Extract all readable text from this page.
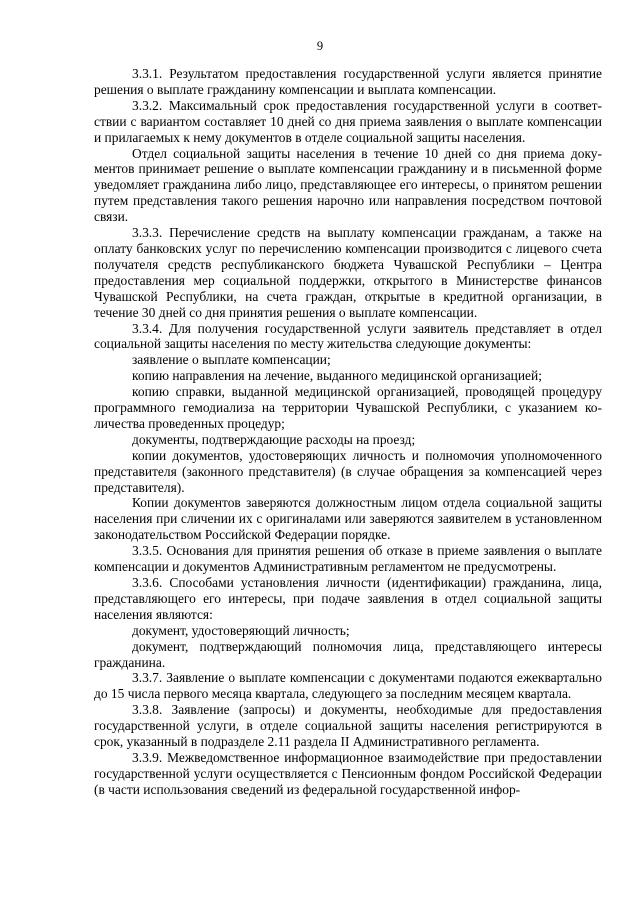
9

3.3.1. Результатом предоставления государственной услуги является принятие решения о выплате гражданину компенсации и выплата компенсации.

3.3.2. Максимальный срок предоставления государственной услуги в соответствии с вариантом составляет 10 дней со дня приема заявления о выплате компенсации и прилагаемых к нему документов в отделе социальной защиты населения.

Отдел социальной защиты населения в течение 10 дней со дня приема документов принимает решение о выплате компенсации гражданину и в письменной форме уведомляет гражданина либо лицо, представляющее его интересы, о принятом решении путем представления такого решения нарочно или направления посредством почтовой связи.

3.3.3. Перечисление средств на выплату компенсации гражданам, а также на оплату банковских услуг по перечислению компенсации производится с лицевого счета получателя средств республиканского бюджета Чувашской Республики – Центра предоставления мер социальной поддержки, открытого в Министерстве финансов Чувашской Республики, на счета граждан, открытые в кредитной организации, в течение 30 дней со дня принятия решения о выплате компенсации.

3.3.4. Для получения государственной услуги заявитель представляет в отдел социальной защиты населения по месту жительства следующие документы:

заявление о выплате компенсации;

копию направления на лечение, выданного медицинской организацией;

копию справки, выданной медицинской организацией, проводящей процедуру программного гемодиализа на территории Чувашской Республики, с указанием количества проведенных процедур;

документы, подтверждающие расходы на проезд;

копии документов, удостоверяющих личность и полномочия уполномоченного представителя (законного представителя) (в случае обращения за компенсацией через представителя).

Копии документов заверяются должностным лицом отдела социальной защиты населения при сличении их с оригиналами или заверяются заявителем в установленном законодательством Российской Федерации порядке.

3.3.5. Основания для принятия решения об отказе в приеме заявления о выплате компенсации и документов Административным регламентом не предусмотрены.

3.3.6. Способами установления личности (идентификации) гражданина, лица, представляющего его интересы, при подаче заявления в отдел социальной защиты населения являются:

документ, удостоверяющий личность;

документ, подтверждающий полномочия лица, представляющего интересы гражданина.

3.3.7. Заявление о выплате компенсации с документами подаются ежеквартально до 15 числа первого месяца квартала, следующего за последним месяцем квартала.

3.3.8. Заявление (запросы) и документы, необходимые для предоставления государственной услуги, в отделе социальной защиты населения регистрируются в срок, указанный в подразделе 2.11 раздела II Административного регламента.

3.3.9. Межведомственное информационное взаимодействие при предоставлении государственной услуги осуществляется с Пенсионным фондом Российской Федерации (в части использования сведений из федеральной государственной инфор-
